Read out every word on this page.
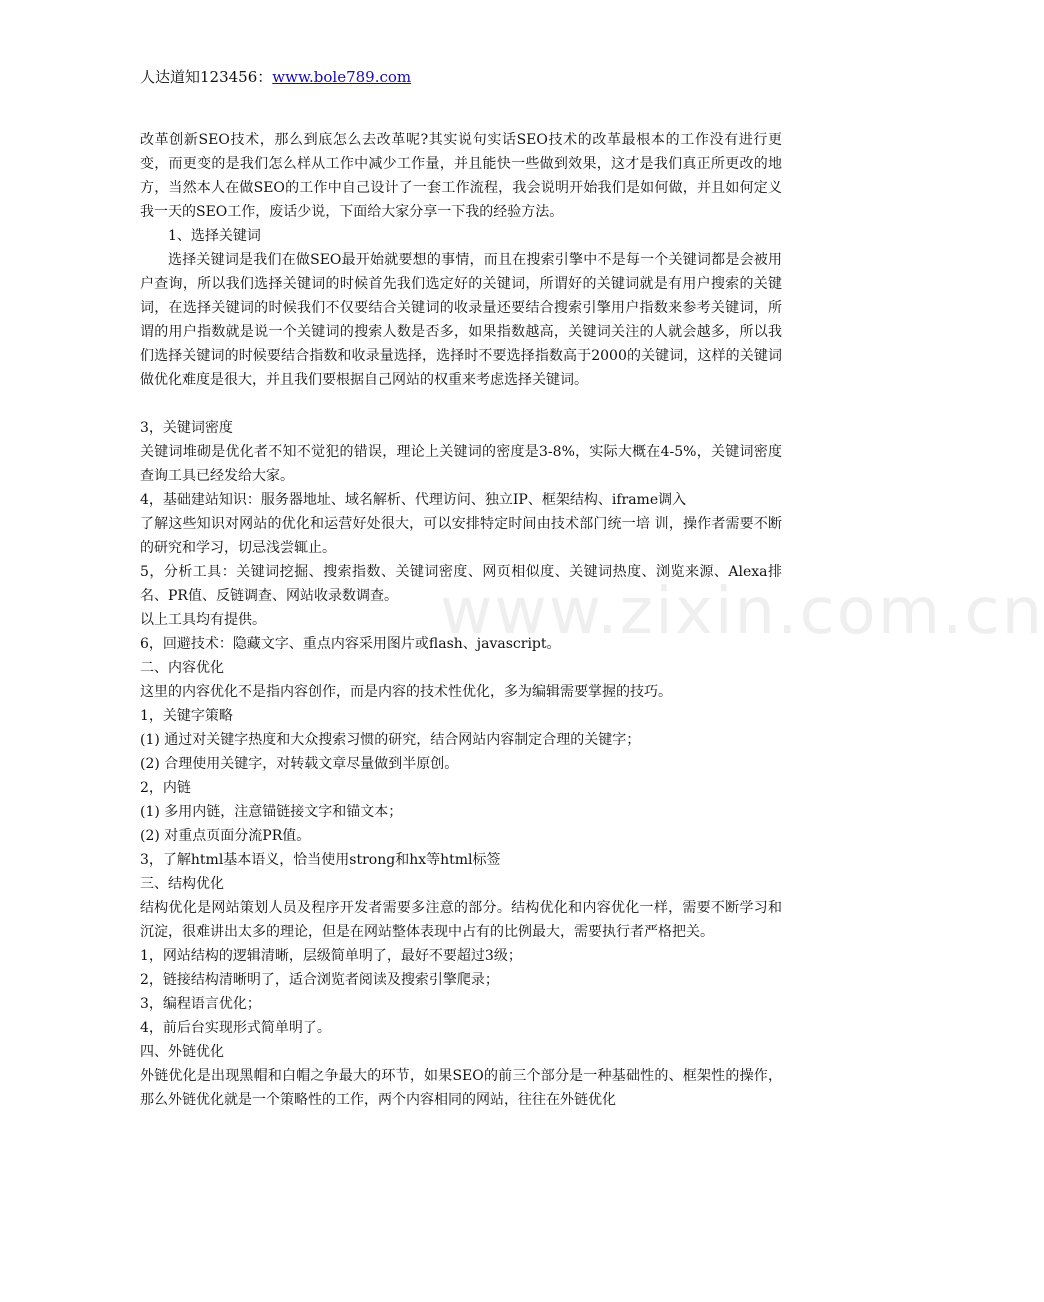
人达道知123456：www.bole789.com
www.zixin.com.cn

改革创新SEO技术，那么到底怎么去改革呢?其实说句实话SEO技术的改革最根本的工作没有进行更变，而更变的是我们怎么样从工作中减少工作量，并且能快一些做到效果，这才是我们真正所更改的地方，当然本人在做SEO的工作中自己设计了一套工作流程，我会说明开始我们是如何做，并且如何定义我一天的SEO工作，废话少说，下面给大家分享一下我的经验方法。

1、选择关键词

选择关键词是我们在做SEO最开始就要想的事情，而且在搜索引擎中不是每一个关键词都是会被用户查询，所以我们选择关键词的时候首先我们选定好的关键词，所谓好的关键词就是有用户搜索的关键词，在选择关键词的时候我们不仅要结合关键词的收录量还要结合搜索引擎用户指数来参考关键词，所谓的用户指数就是说一个关键词的搜索人数是否多，如果指数越高，关键词关注的人就会越多，所以我们选择关键词的时候要结合指数和收录量选择，选择时不要选择指数高于2000的关键词，这样的关键词做优化难度是很大，并且我们要根据自己网站的权重来考虑选择关键词。

3，关键词密度

关键词堆砌是优化者不知不觉犯的错误，理论上关键词的密度是3-8%，实际大概在4-5%，关键词密度查询工具已经发给大家。

4，基础建站知识：服务器地址、域名解析、代理访问、独立IP、框架结构、iframe调入

了解这些知识对网站的优化和运营好处很大，可以安排特定时间由技术部门统一培 训，操作者需要不断的研究和学习，切忌浅尝辄止。

5，分析工具：关键词挖掘、搜索指数、关键词密度、网页相似度、关键词热度、浏览来源、Alexa排名、PR值、反链调查、网站收录数调查。

以上工具均有提供。

6，回避技术：隐藏文字、重点内容采用图片或flash、javascript。

二、内容优化

这里的内容优化不是指内容创作，而是内容的技术性优化，多为编辑需要掌握的技巧。

1，关键字策略

(1) 通过对关键字热度和大众搜索习惯的研究，结合网站内容制定合理的关键字；

(2) 合理使用关键字，对转载文章尽量做到半原创。

2，内链

(1) 多用内链，注意锚链接文字和锚文本；

(2) 对重点页面分流PR值。

3，了解html基本语义，恰当使用strong和hx等html标签

三、结构优化

结构优化是网站策划人员及程序开发者需要多注意的部分。结构优化和内容优化一样，需要不断学习和沉淀，很难讲出太多的理论，但是在网站整体表现中占有的比例最大，需要执行者严格把关。

1，网站结构的逻辑清晰，层级简单明了，最好不要超过3级；

2，链接结构清晰明了，适合浏览者阅读及搜索引擎爬录；

3，编程语言优化；

4，前后台实现形式简单明了。

四、外链优化

外链优化是出现黑帽和白帽之争最大的环节，如果SEO的前三个部分是一种基础性的、框架性的操作，那么外链优化就是一个策略性的工作，两个内容相同的网站，往往在外链优化
